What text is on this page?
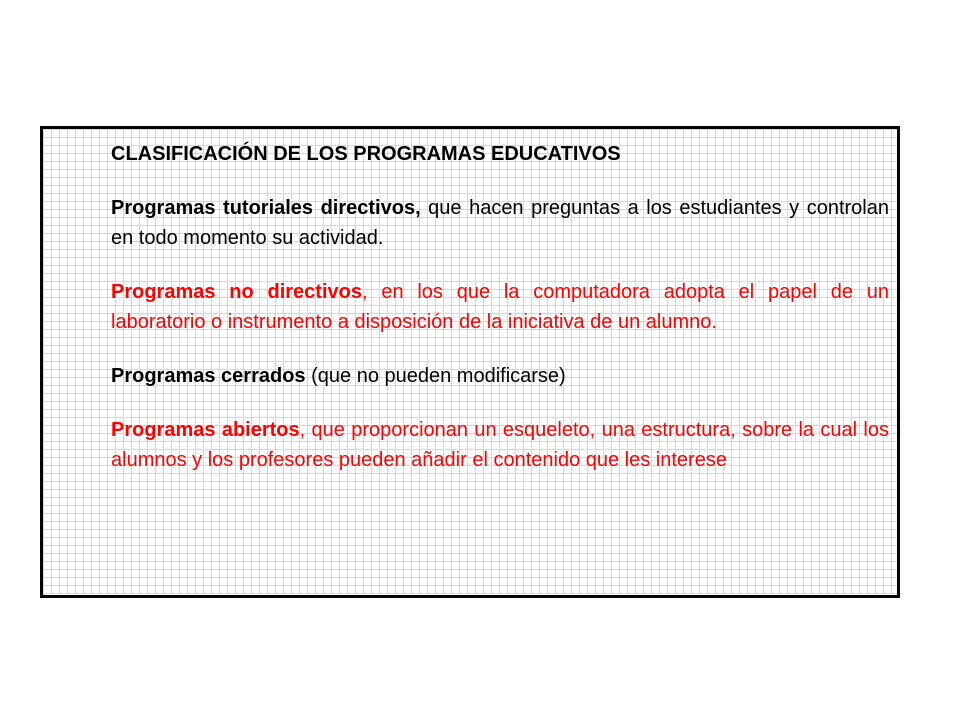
CLASIFICACIÓN DE LOS PROGRAMAS EDUCATIVOS

Programas tutoriales directivos, que hacen preguntas a los estudiantes y controlan en todo momento su actividad.

Programas no directivos, en los que la computadora adopta el papel de un laboratorio o instrumento a disposición de la iniciativa de un alumno.

Programas cerrados (que no pueden modificarse)

Programas abiertos, que proporcionan un esqueleto, una estructura, sobre la cual los alumnos y los profesores pueden añadir el contenido que les interese
